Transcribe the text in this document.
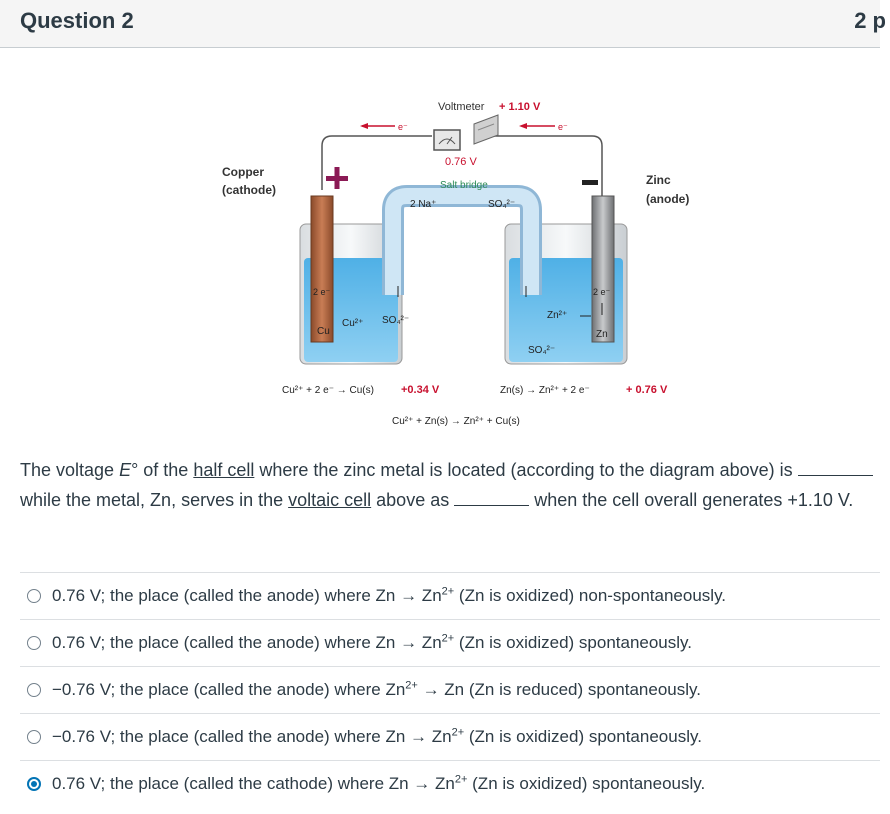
Question 2	2 p
e⁻	e⁻
Voltmeter + 1.10 V
0.76 V
Copper
(cathode)
Zinc
(anode)
Salt bridge
2 Na⁺	SO₄²⁻
2 e⁻
Cu
Cu²⁺ SO₄²⁻
2 e⁻
Zn²⁺
Zn
SO₄²⁻
Cu²⁺ + 2 e⁻ → Cu(s) +0.34 V	Zn(s) → Zn²⁺ + 2 e⁻	+ 0.76 V
Cu²⁺ + Zn(s) → Zn²⁺ + Cu(s)
The voltage E° of the half cell where the zinc metal is located (according to the diagram above) is  while the metal, Zn, serves in the voltaic cell above as	when the cell overall generates +1.10 V.
0.76 V; the place (called the anode) where $Zn \to Zn^{2+}$ (Zn is oxidized) non-spontaneously.
0.76 V; the place (called the anode) where $Zn \to Zn^{2+}$ (Zn is oxidized) spontaneously.
−0.76 V; the place (called the anode) where $Zn^{2+} \to Zn$ (Zn is reduced) spontaneously.
−0.76 V; the place (called the anode) where $Zn \to Zn^{2+}$ (Zn is oxidized) spontaneously.
0.76 V; the place (called the cathode) where $Zn \to Zn^{2+}$ (Zn is oxidized) spontaneously.
